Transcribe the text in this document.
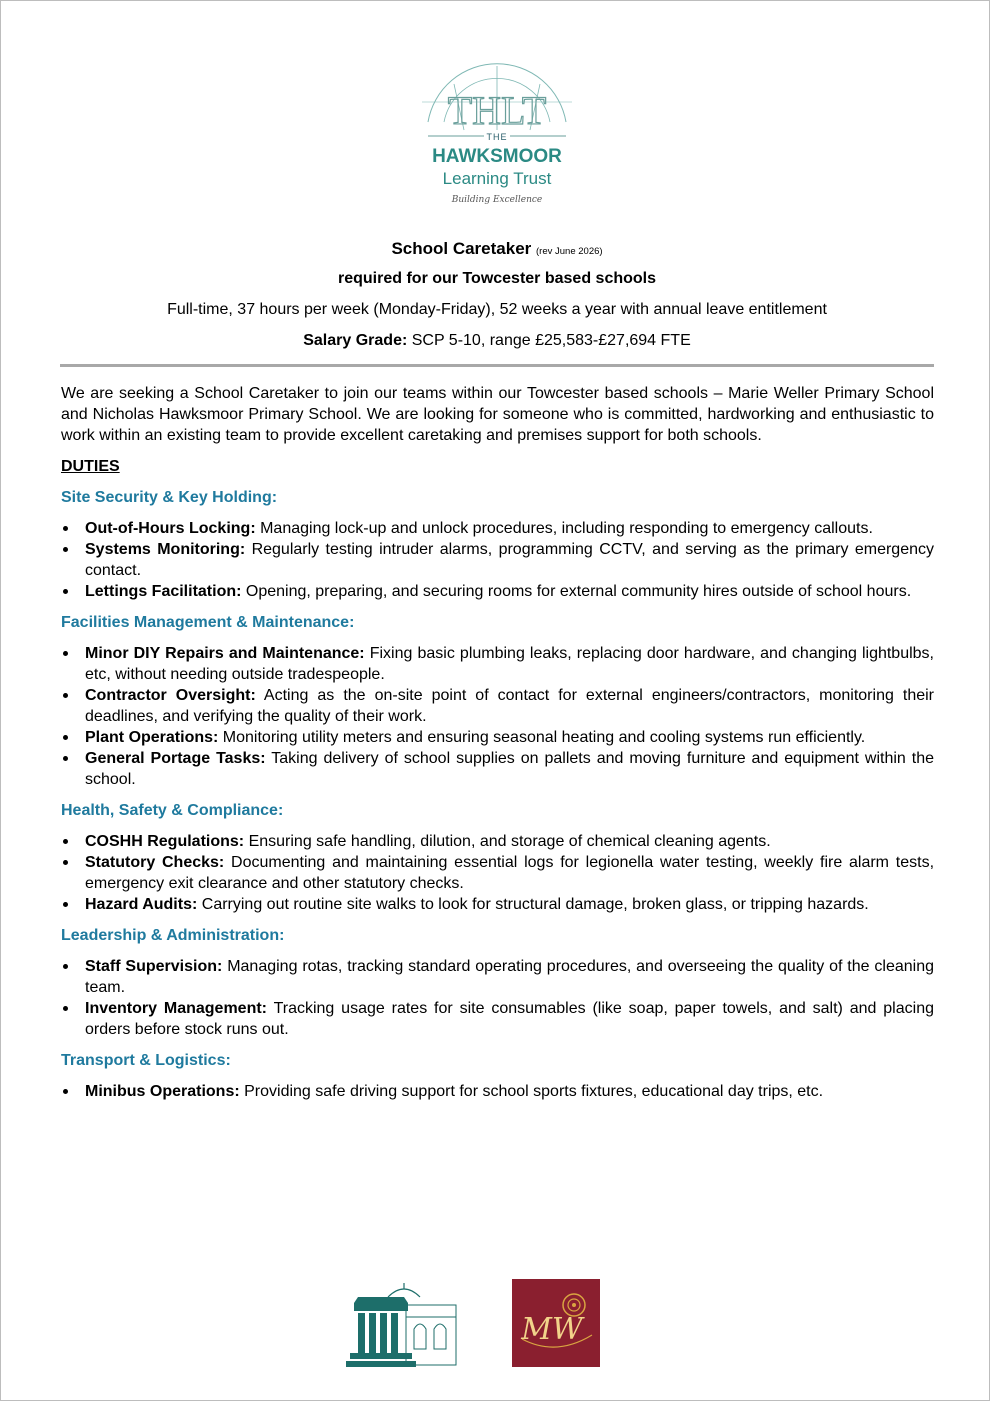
THLT
THE
HAWKSMOOR
Learning Trust
Building Excellence
School Caretaker (rev June 2026)
required for our Towcester based schools
Full-time, 37 hours per week (Monday-Friday), 52 weeks a year with annual leave entitlement
Salary Grade: SCP 5-10, range £25,583-£27,694 FTE

We are seeking a School Caretaker to join our teams within our Towcester based schools – Marie Weller Primary School and Nicholas Hawksmoor Primary School. We are looking for someone who is committed, hardworking and enthusiastic to work within an existing team to provide excellent caretaking and premises support for both schools.

DUTIES
Site Security & Key Holding:
Out-of-Hours Locking: Managing lock-up and unlock procedures, including responding to emergency callouts.
Systems Monitoring: Regularly testing intruder alarms, programming CCTV, and serving as the primary emergency contact.
Lettings Facilitation: Opening, preparing, and securing rooms for external community hires outside of school hours.
Facilities Management & Maintenance:
Minor DIY Repairs and Maintenance: Fixing basic plumbing leaks, replacing door hardware, and changing lightbulbs, etc, without needing outside tradespeople.
Contractor Oversight: Acting as the on-site point of contact for external engineers/contractors, monitoring their deadlines, and verifying the quality of their work.
Plant Operations: Monitoring utility meters and ensuring seasonal heating and cooling systems run efficiently.
General Portage Tasks: Taking delivery of school supplies on pallets and moving furniture and equipment within the school.
Health, Safety & Compliance:
COSHH Regulations: Ensuring safe handling, dilution, and storage of chemical cleaning agents.
Statutory Checks: Documenting and maintaining essential logs for legionella water testing, weekly fire alarm tests, emergency exit clearance and other statutory checks.
Hazard Audits: Carrying out routine site walks to look for structural damage, broken glass, or tripping hazards.
Leadership & Administration:
Staff Supervision: Managing rotas, tracking standard operating procedures, and overseeing the quality of the cleaning team.
Inventory Management: Tracking usage rates for site consumables (like soap, paper towels, and salt) and placing orders before stock runs out.
Transport & Logistics:
Minibus Operations: Providing safe driving support for school sports fixtures, educational day trips, etc.
MW
